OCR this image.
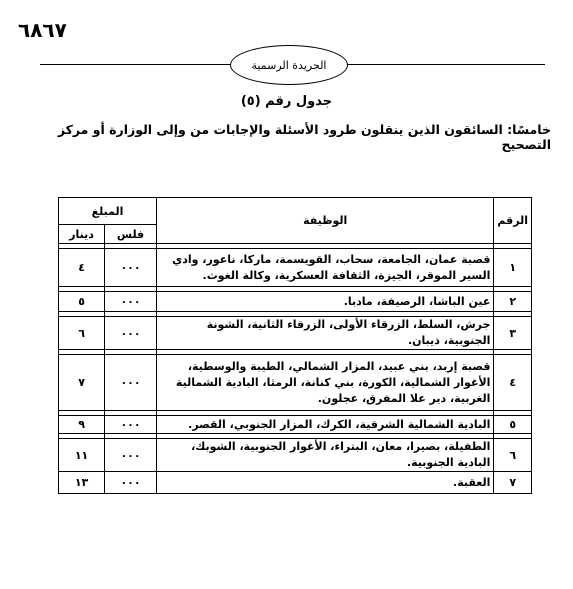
٦٨٦٧
الجريدة الرسمية
جدول رقم (٥)
خامسًا: السائقون الذين ينقلون طرود الأسئلة والإجابات من وإلى الوزارة أو مركز التصحيح
الرقم	الوظيفة	المبلغ	
		فلس	دينار

١	قصبة عمان، الجامعة، سحاب، القويسمة، ماركا، ناعور، وادي السير الموقر، الجيزة، الثقافة العسكرية، وكالة الغوث.	٠٠٠	٤

٢	عين الباشا، الرصيفة، مادبا.	٠٠٠	٥

٣	جرش، السلط، الزرقاء الأولى، الزرقاء الثانية، الشونة الجنوبية، ذيبان.	٠٠٠	٦

٤	قصبة إربد، بني عبيد، المزار الشمالي، الطيبة والوسطية، الأغوار الشمالية، الكورة، بني كنانة، الرمثا، البادية الشمالية الغربية، دير علا المفرق، عجلون.	٠٠٠	٧

٥	البادية الشمالية الشرقية، الكرك، المزار الجنوبي، القصر.	٠٠٠	٩

٦	الطفيلة، بصيرا، معان، البتراء، الأغوار الجنوبية، الشوبك، البادية الجنوبية.	٠٠٠	١١
٧	العقبة.	٠٠٠	١٣
